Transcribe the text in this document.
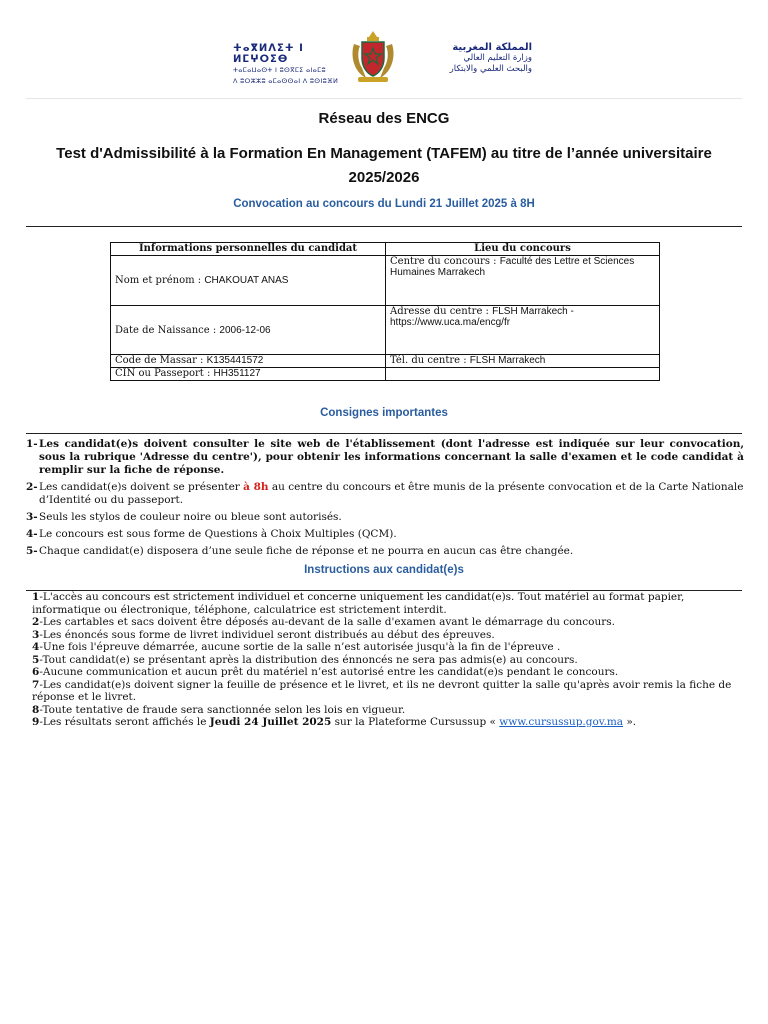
ⵜⴰⴳⵍⴷⵉⵜ ⵏ ⵍⵎⵖⵔⵉⴱ
ⵜⴰⵎⴰⵡⴰⵙⵜ ⵏ ⵓⵙⴳⵎⵉ ⴰⵏⴰⵎⵓ
ⴷ ⵓⵔⵣⵣⵓ ⴰⵎⴰⵙⵙⴰⵏ ⴷ ⵓⵙⵏⵓⴼⵍ
المملكة المغربية
وزارة التعليم العالي
والبحث العلمي والابتكار
Réseau des ENCG
Test d'Admissibilité à la Formation En Management (TAFEM) au titre de l’année universitaire 2025/2026
Convocation au concours du Lundi 21 Juillet 2025 à 8H
Informations personnelles du candidat	Lieu du concours
Nom et prénom : CHAKOUAT ANAS	Centre du concours : Faculté des Lettre et Sciences Humaines Marrakech
Date de Naissance : 2006-12-06	Adresse du centre : FLSH Marrakech - https://www.uca.ma/encg/fr
Code de Massar : K135441572	Tél. du centre : FLSH Marrakech
CIN ou Passeport : HH351127	
Consignes importantes
1- Les candidat(e)s doivent consulter le site web de l'établissement (dont l'adresse est indiquée sur leur convocation, sous la rubrique 'Adresse du centre'), pour obtenir les informations concernant la salle d'examen et le code candidat à remplir sur la fiche de réponse.
2- Les candidat(e)s doivent se présenter à 8h au centre du concours et être munis de la présente convocation et de la Carte Nationale d’Identité ou du passeport.
3- Seuls les stylos de couleur noire ou bleue sont autorisés.
4- Le concours est sous forme de Questions à Choix Multiples (QCM).
5- Chaque candidat(e) disposera d’une seule fiche de réponse et ne pourra en aucun cas être changée.
Instructions aux candidat(e)s
1-L'accès au concours est strictement individuel et concerne uniquement les candidat(e)s. Tout matériel au format papier, informatique ou électronique, téléphone, calculatrice est strictement interdit.
2-Les cartables et sacs doivent être déposés au-devant de la salle d'examen avant le démarrage du concours.
3-Les énoncés sous forme de livret individuel seront distribués au début des épreuves.
4-Une fois l'épreuve démarrée, aucune sortie de la salle n’est autorisée jusqu'à la fin de l'épreuve .
5-Tout candidat(e) se présentant après la distribution des énnoncés ne sera pas admis(e) au concours.
6-Aucune communication et aucun prêt du matériel n’est autorisé entre les candidat(e)s pendant le concours.
7-Les candidat(e)s doivent signer la feuille de présence et le livret, et ils ne devront quitter la salle qu'après avoir remis la fiche de réponse et le livret.
8-Toute tentative de fraude sera sanctionnée selon les lois en vigueur.
9-Les résultats seront affichés le Jeudi 24 Juillet 2025 sur la Plateforme Cursussup « www.cursussup.gov.ma ».
